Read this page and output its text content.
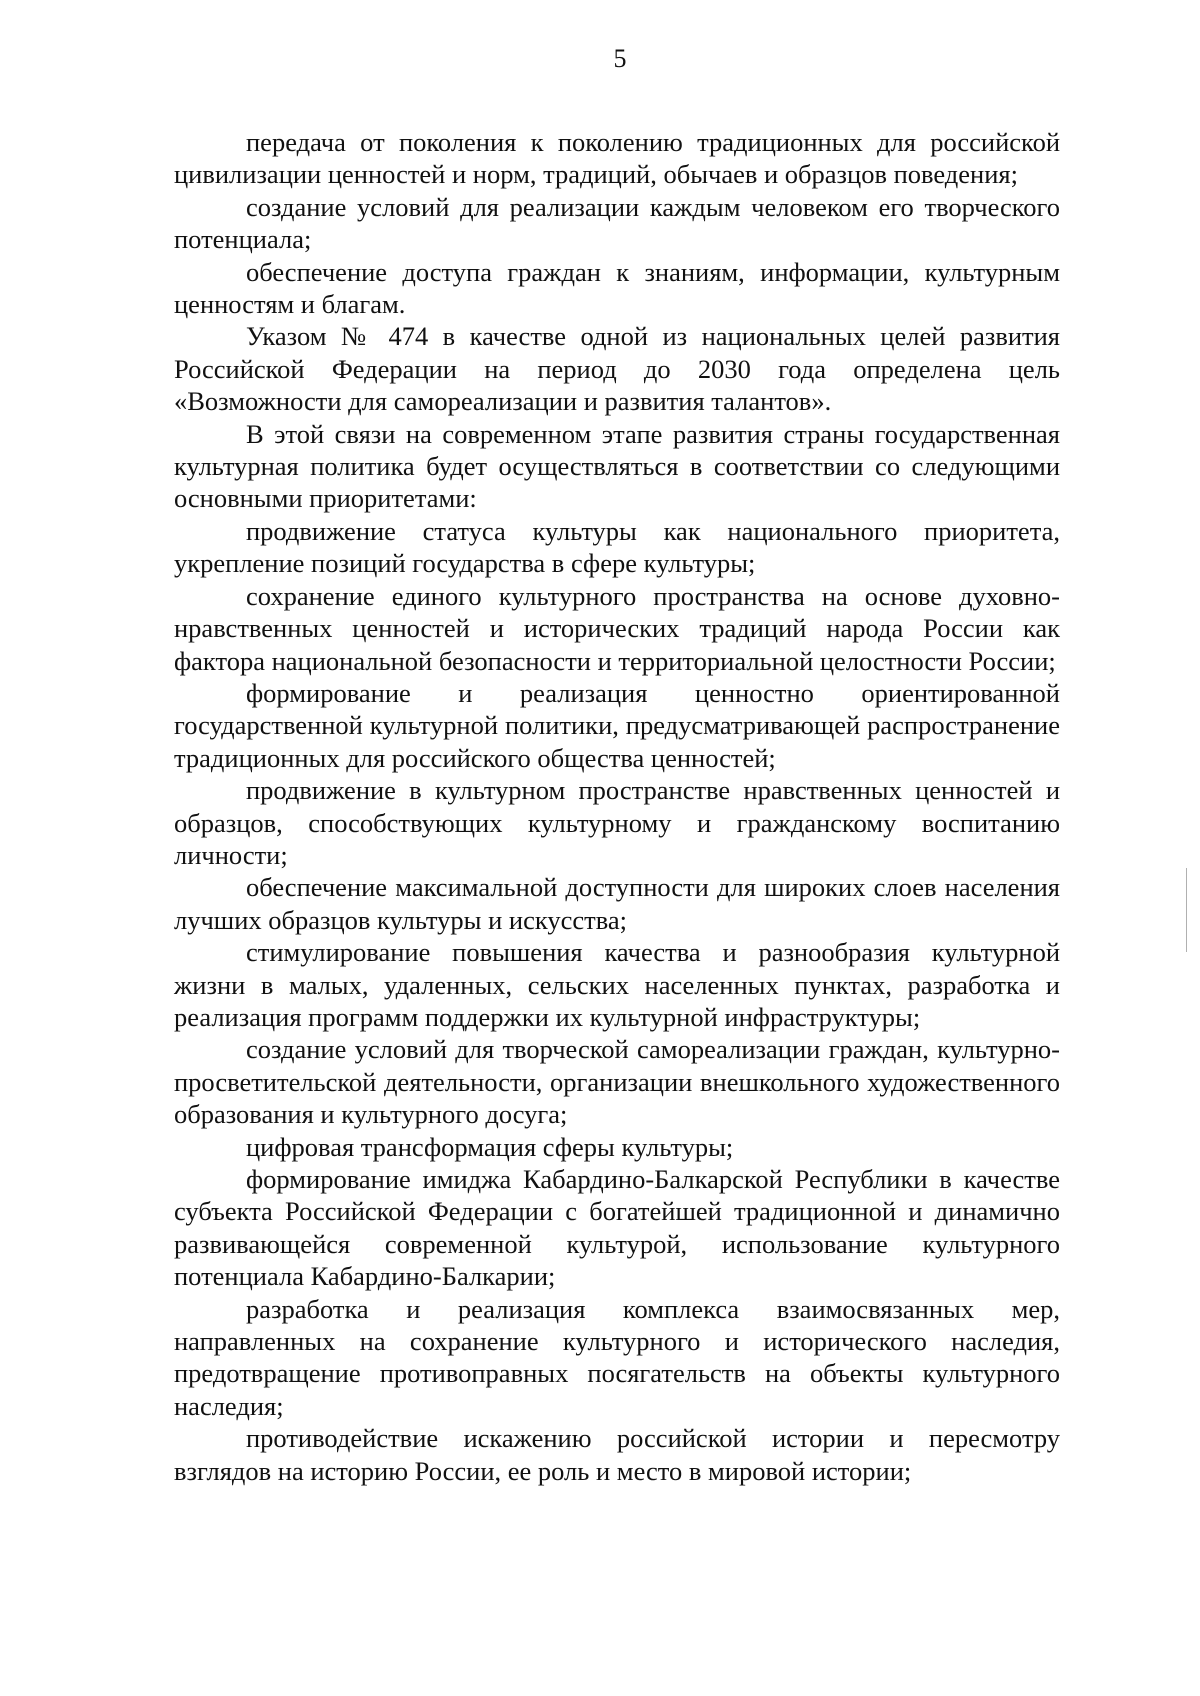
5

передача от поколения к поколению традиционных для российской цивилизации ценностей и норм, традиций, обычаев и образцов поведения;

создание условий для реализации каждым человеком его творческого потенциала;

обеспечение доступа граждан к знаниям, информации, культурным ценностям и благам.

Указом № 474 в качестве одной из национальных целей развития Российской Федерации на период до 2030 года определена цель «Возможности для самореализации и развития талантов».

В этой связи на современном этапе развития страны государственная культурная политика будет осуществляться в соответствии со следующими основными приоритетами:

продвижение статуса культуры как национального приоритета, укрепление позиций государства в сфере культуры;

сохранение единого культурного пространства на основе духовно-нравственных ценностей и исторических традиций народа России как фактора национальной безопасности и территориальной целостности России;

формирование и реализация ценностно ориентированной государственной культурной политики, предусматривающей распространение традиционных для российского общества ценностей;

продвижение в культурном пространстве нравственных ценностей и образцов, способствующих культурному и гражданскому воспитанию личности;

обеспечение максимальной доступности для широких слоев населения лучших образцов культуры и искусства;

стимулирование повышения качества и разнообразия культурной жизни в малых, удаленных, сельских населенных пунктах, разработка и реализация программ поддержки их культурной инфраструктуры;

создание условий для творческой самореализации граждан, культурно-просветительской деятельности, организации внешкольного художественного образования и культурного досуга;

цифровая трансформация сферы культуры;

формирование имиджа Кабардино-Балкарской Республики в качестве субъекта Российской Федерации с богатейшей традиционной и динамично развивающейся современной культурой, использование культурного потенциала Кабардино-Балкарии;

разработка и реализация комплекса взаимосвязанных мер, направленных на сохранение культурного и исторического наследия, предотвращение противоправных посягательств на объекты культурного наследия;

противодействие искажению российской истории и пересмотру взглядов на историю России, ее роль и место в мировой истории;
